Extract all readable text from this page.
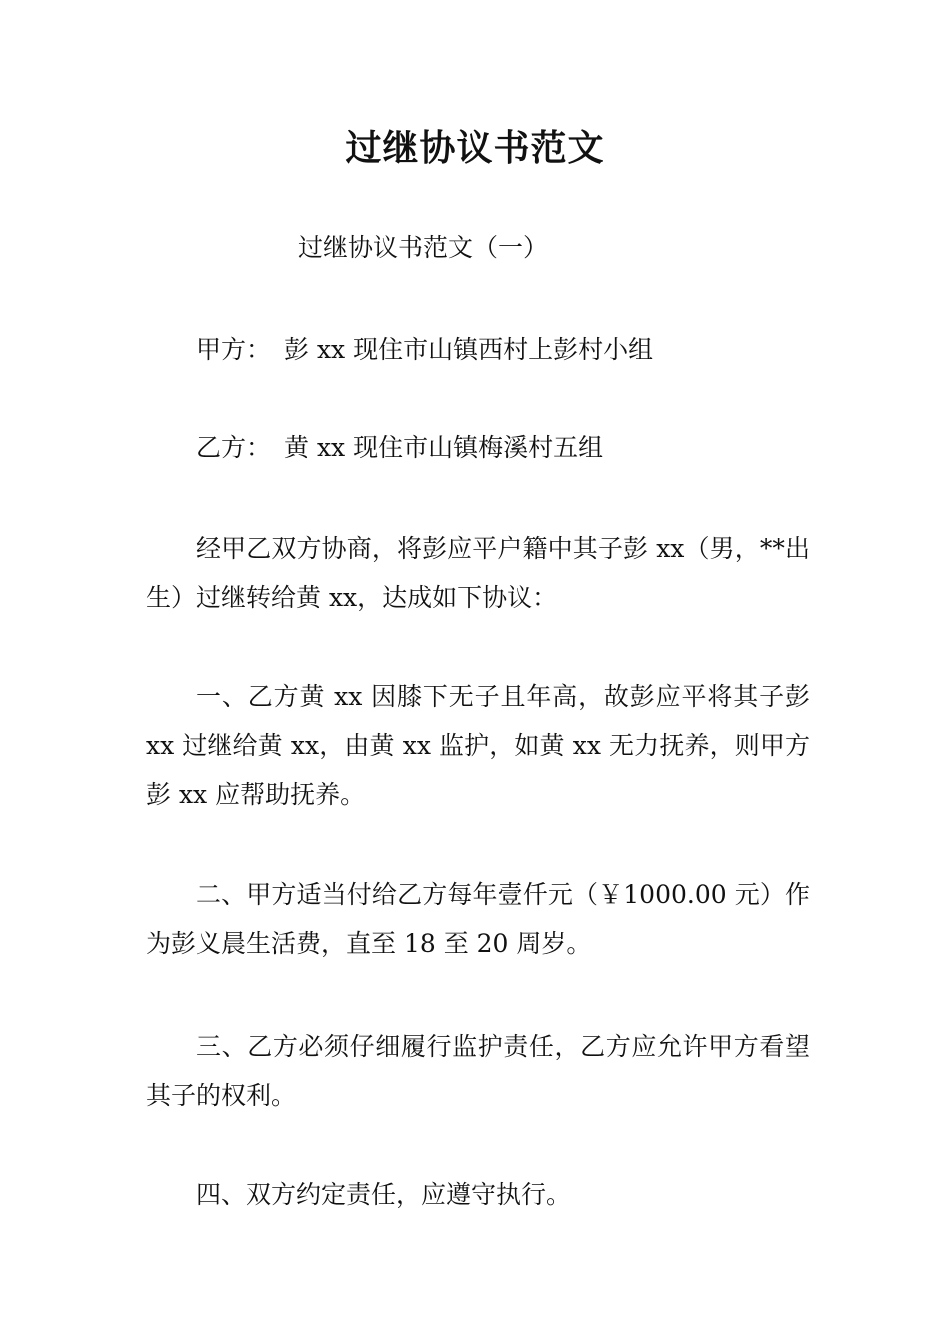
过继协议书范文

过继协议书范文（一）

甲方： 彭 xx 现住市山镇西村上彭村小组

乙方： 黄 xx 现住市山镇梅溪村五组

经甲乙双方协商，将彭应平户籍中其子彭 xx（男，**出生）过继转给黄 xx，达成如下协议：

一、乙方黄 xx 因膝下无子且年高，故彭应平将其子彭 xx 过继给黄 xx，由黄 xx 监护，如黄 xx 无力抚养，则甲方彭 xx 应帮助抚养。

二、甲方适当付给乙方每年壹仟元（￥1000.00 元）作为彭义晨生活费，直至 18 至 20 周岁。

三、乙方必须仔细履行监护责任，乙方应允许甲方看望其子的权利。

四、双方约定责任，应遵守执行。
